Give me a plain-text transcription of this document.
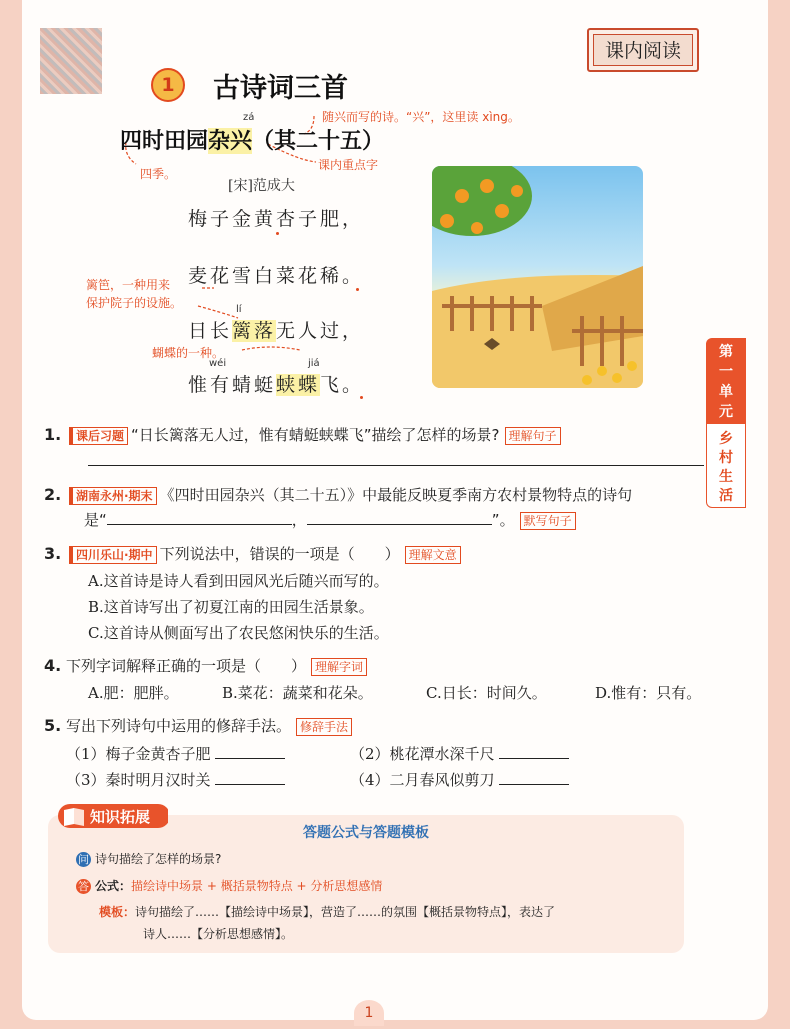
课内阅读
1	古诗词三首
zá	随兴而写的诗。“兴”，这里读 xìng。
课内重点字
四季。
四时田园杂兴（其二十五）
[宋]范成大
梅子金黄杏子肥，
麦花雪白菜花稀。
日长篱落无人过，
惟有蜻蜓蛱蝶飞。
lí
wéi	jiá
篱笆，一种用来
保护院子的设施。
蝴蝶的一种。	第
一
单
元
乡
村
生
活
1. 课后习题 “日长篱落无人过，惟有蜻蜓蛱蝶飞”描绘了怎样的场景? 理解句子
2. 湖南永州·期末 《四时田园杂兴（其二十五）》中最能反映夏季南方农村景物特点的诗句
是“	，	”。 默写句子
3. 四川乐山·期中 下列说法中，错误的一项是（　　） 理解文意
A.这首诗是诗人看到田园风光后随兴而写的。
B.这首诗写出了初夏江南的田园生活景象。
C.这首诗从侧面写出了农民悠闲快乐的生活。
4. 下列字词解释正确的一项是（　　） 理解字词
A.肥：肥胖。	B.菜花：蔬菜和花朵。	C.日长：时间久。	D.惟有：只有。
5. 写出下列诗句中运用的修辞手法。 修辞手法
（1）梅子金黄杏子肥	（2）桃花潭水深千尺
（3）秦时明月汉时关	（4）二月春风似剪刀
知识拓展
答题公式与答题模板
问 诗句描绘了怎样的场景?
答 公式：描绘诗中场景 + 概括景物特点 + 分析思想感情
模板：诗句描绘了……【描绘诗中场景】，营造了……的氛围【概括景物特点】，表达了
诗人……【分析思想感情】。
1
